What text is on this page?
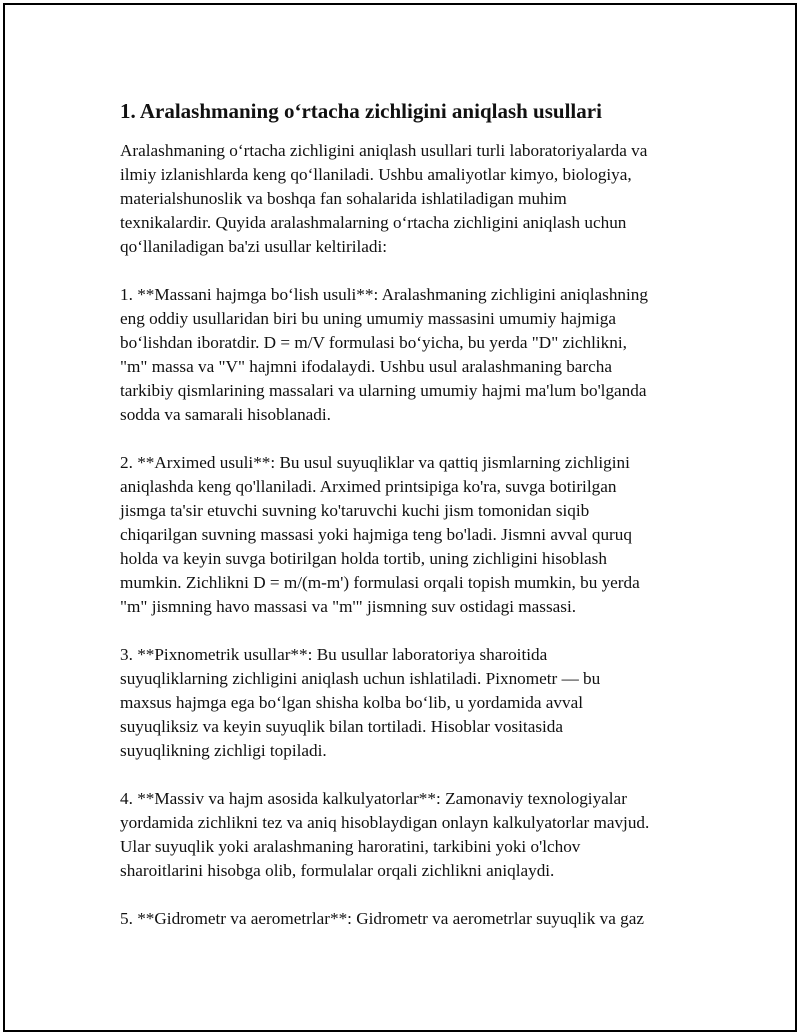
1. Aralashmaning oʻrtacha zichligini aniqlash usullari

Aralashmaning oʻrtacha zichligini aniqlash usullari turli laboratoriyalarda va
ilmiy izlanishlarda keng qoʻllaniladi. Ushbu amaliyotlar kimyo, biologiya,
materialshunoslik va boshqa fan sohalarida ishlatiladigan muhim
texnikalardir. Quyida aralashmalarning oʻrtacha zichligini aniqlash uchun
qoʻllaniladigan ba'zi usullar keltiriladi:

1. **Massani hajmga boʻlish usuli**: Aralashmaning zichligini aniqlashning
eng oddiy usullaridan biri bu uning umumiy massasini umumiy hajmiga
boʻlishdan iboratdir. D = m/V formulasi boʻyicha, bu yerda "D" zichlikni,
"m" massa va "V" hajmni ifodalaydi. Ushbu usul aralashmaning barcha
tarkibiy qismlarining massalari va ularning umumiy hajmi ma'lum bo'lganda
sodda va samarali hisoblanadi.

2. **Arximed usuli**: Bu usul suyuqliklar va qattiq jismlarning zichligini
aniqlashda keng qo'llaniladi. Arximed printsipiga ko'ra, suvga botirilgan
jismga ta'sir etuvchi suvning ko'taruvchi kuchi jism tomonidan siqib
chiqarilgan suvning massasi yoki hajmiga teng bo'ladi. Jismni avval quruq
holda va keyin suvga botirilgan holda tortib, uning zichligini hisoblash
mumkin. Zichlikni D = m/(m-m') formulasi orqali topish mumkin, bu yerda
"m" jismning havo massasi va "m'" jismning suv ostidagi massasi.

3. **Pixnometrik usullar**: Bu usullar laboratoriya sharoitida
suyuqliklarning zichligini aniqlash uchun ishlatiladi. Pixnometr — bu
maxsus hajmga ega boʻlgan shisha kolba boʻlib, u yordamida avval
suyuqliksiz va keyin suyuqlik bilan tortiladi. Hisoblar vositasida
suyuqlikning zichligi topiladi.

4. **Massiv va hajm asosida kalkulyatorlar**: Zamonaviy texnologiyalar
yordamida zichlikni tez va aniq hisoblaydigan onlayn kalkulyatorlar mavjud.
Ular suyuqlik yoki aralashmaning haroratini, tarkibini yoki o'lchov
sharoitlarini hisobga olib, formulalar orqali zichlikni aniqlaydi.

5. **Gidrometr va aerometrlar**: Gidrometr va aerometrlar suyuqlik va gaz
